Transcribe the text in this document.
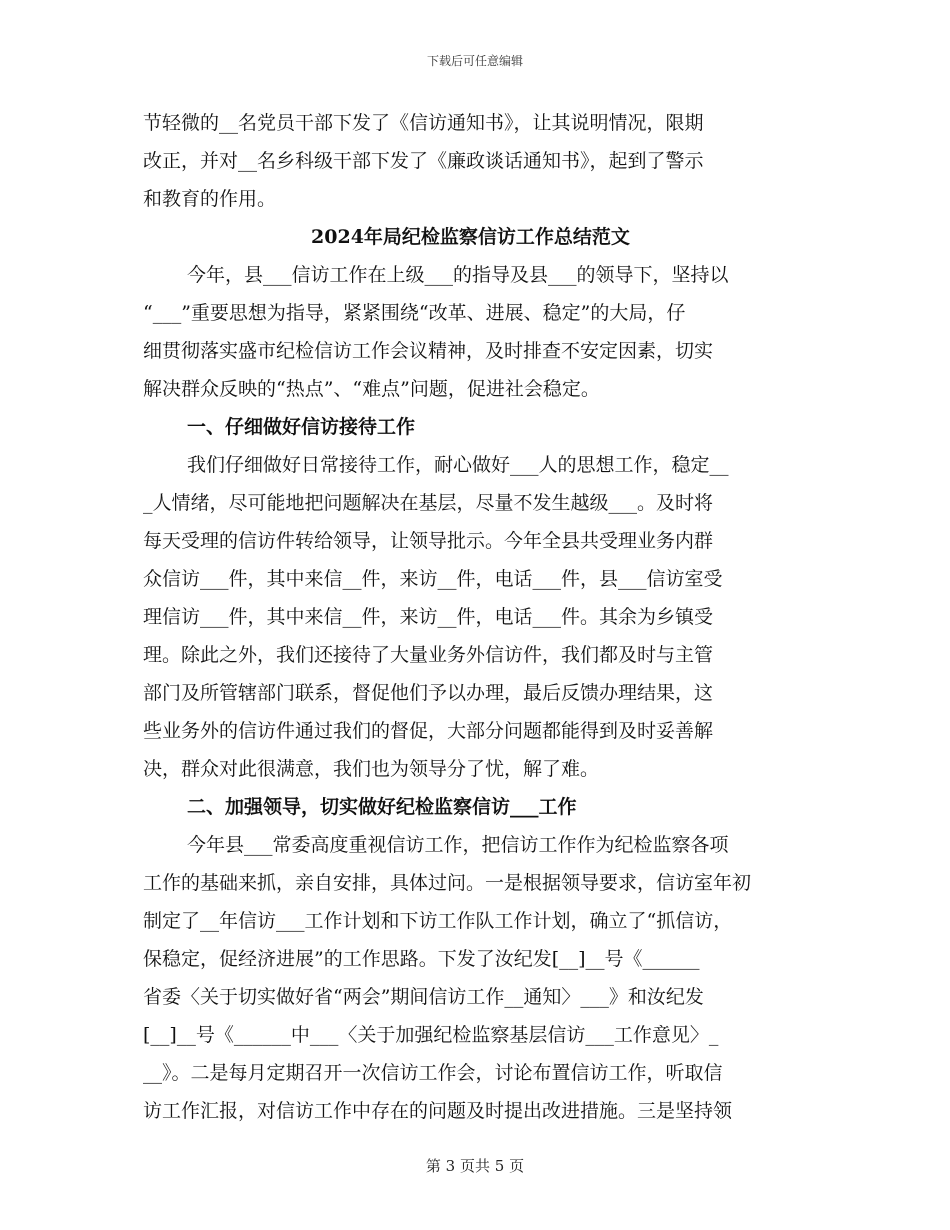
下载后可任意编辑
节轻微的__名党员干部下发了《信访通知书》，让其说明情况，限期
改正，并对__名乡科级干部下发了《廉政谈话通知书》，起到了警示
和教育的作用。
2024年局纪检监察信访工作总结范文
今年，县___信访工作在上级___的指导及县___的领导下，坚持以
“___”重要思想为指导，紧紧围绕“改革、进展、稳定”的大局，仔
细贯彻落实盛市纪检信访工作会议精神，及时排查不安定因素，切实
解决群众反映的“热点”、“难点”问题，促进社会稳定。
一、仔细做好信访接待工作
我们仔细做好日常接待工作，耐心做好___人的思想工作，稳定__
_人情绪，尽可能地把问题解决在基层，尽量不发生越级___。及时将
每天受理的信访件转给领导，让领导批示。今年全县共受理业务内群
众信访___件，其中来信__件，来访__件，电话___件，县___信访室受
理信访___件，其中来信__件，来访__件，电话___件。其余为乡镇受
理。除此之外，我们还接待了大量业务外信访件，我们都及时与主管
部门及所管辖部门联系，督促他们予以办理，最后反馈办理结果，这
些业务外的信访件通过我们的督促，大部分问题都能得到及时妥善解
决，群众对此很满意，我们也为领导分了忧，解了难。
二、加强领导，切实做好纪检监察信访___工作
今年县___常委高度重视信访工作，把信访工作作为纪检监察各项
工作的基础来抓，亲自安排，具体过问。一是根据领导要求，信访室年初
制定了__年信访___工作计划和下访工作队工作计划，确立了“抓信访，
保稳定，促经济进展”的工作思路。下发了汝纪发[__]__号《______
省委〈关于切实做好省“两会”期间信访工作__通知〉___》和汝纪发
[__]__号《______中___〈关于加强纪检监察基层信访___工作意见〉_
__》。二是每月定期召开一次信访工作会，讨论布置信访工作，听取信
访工作汇报，对信访工作中存在的问题及时提出改进措施。三是坚持领
第 3 页共 5 页
